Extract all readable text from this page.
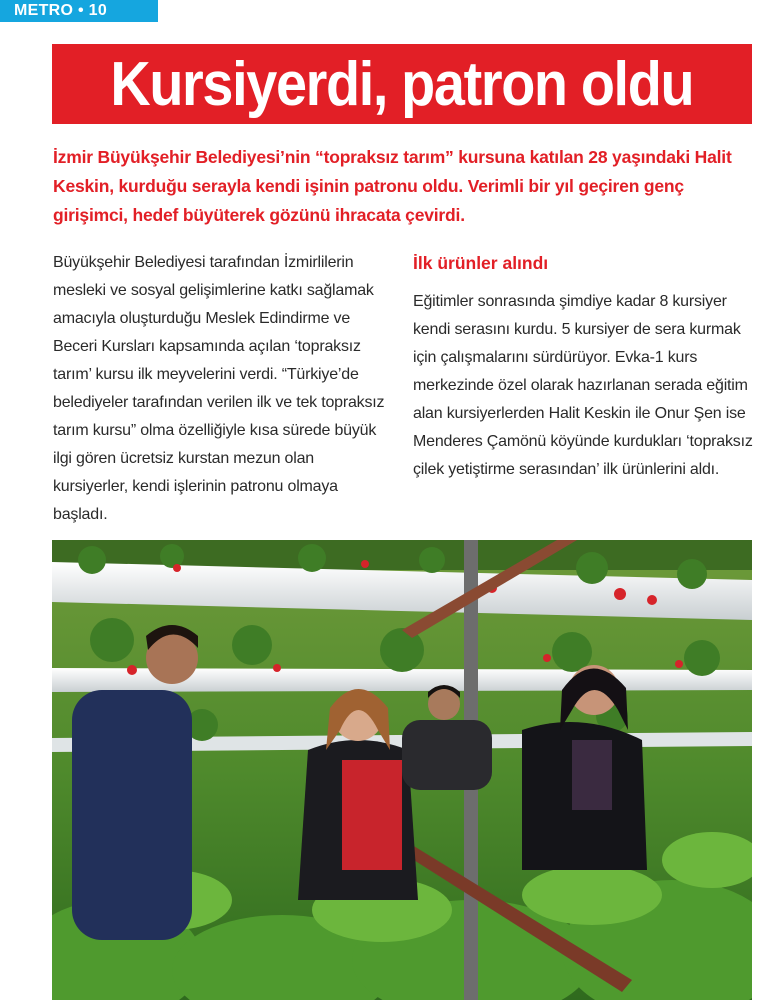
METRO • 10
Kursiyerdi, patron oldu

İzmir Büyükşehir Belediyesi’nin “topraksız tarım” kursuna katılan 28 yaşındaki Halit Keskin, kurduğu serayla kendi işinin patronu oldu. Verimli bir yıl geçiren genç girişimci, hedef büyüterek gözünü ihracata çevirdi.

Büyükşehir Belediyesi tarafından İzmirlilerin mesleki ve sosyal gelişimlerine katkı sağlamak amacıyla oluşturduğu Meslek Edindirme ve Beceri Kursları kapsamında açılan ‘topraksız tarım’ kursu ilk meyvelerini verdi. “Türkiye’de belediyeler tarafından verilen ilk ve tek topraksız tarım kursu” olma özelliğiyle kısa sürede büyük ilgi gören ücretsiz kurstan mezun olan kursiyerler, kendi işlerinin patronu olmaya başladı.

İlk ürünler alındı

Eğitimler sonrasında şimdiye kadar 8 kursiyer kendi serasını kurdu. 5 kursiyer de sera kurmak için çalışmalarını sürdürüyor. Evka-1 kurs merkezinde özel olarak hazırlanan serada eğitim alan kursiyerlerden Halit Keskin ile Onur Şen ise Menderes Çamönü köyünde kurdukları ‘topraksız çilek yetiştirme serasından’ ilk ürünlerini aldı.
